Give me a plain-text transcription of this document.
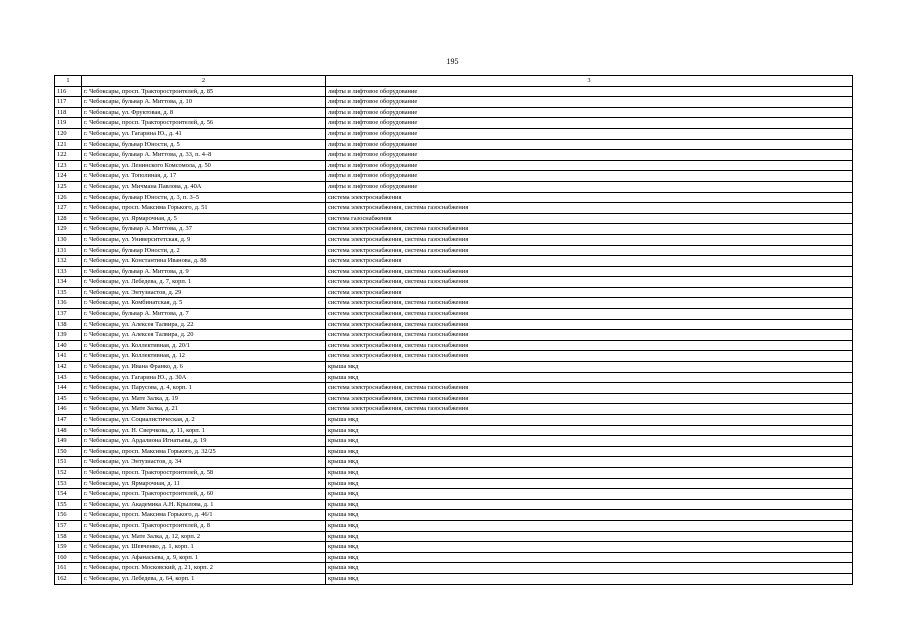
195
1	2	3
116	г. Чебоксары, просп. Тракторостроителей, д. 85	лифты и лифтовое оборудование
117	г. Чебоксары, бульвар А. Миттова, д. 10	лифты и лифтовое оборудование
118	г. Чебоксары, ул. Фруктовая, д. 8	лифты и лифтовое оборудование
119	г. Чебоксары, просп. Тракторостроителей, д. 56	лифты и лифтовое оборудование
120	г. Чебоксары, ул. Гагарина Ю., д. 41	лифты и лифтовое оборудование
121	г. Чебоксары, бульвар Юности, д. 5	лифты и лифтовое оборудование
122	г. Чебоксары, бульвар А. Миттова, д. 33, п. 4–8	лифты и лифтовое оборудование
123	г. Чебоксары, ул. Ленинского Комсомола, д. 50	лифты и лифтовое оборудование
124	г. Чебоксары, ул. Тополиная, д. 17	лифты и лифтовое оборудование
125	г. Чебоксары, ул. Мичмана Павлова, д. 40А	лифты и лифтовое оборудование
126	г. Чебоксары, бульвар Юности, д. 3, п. 3–5	система электроснабжения
127	г. Чебоксары, просп. Максима Горького, д. 51	система электроснабжения, система газоснабжения
128	г. Чебоксары, ул. Ярмарочная, д. 5	система газоснабжения
129	г. Чебоксары, бульвар А. Миттова, д. 37	система электроснабжения, система газоснабжения
130	г. Чебоксары, ул. Университетская, д. 9	система электроснабжения, система газоснабжения
131	г. Чебоксары, бульвар Юности, д. 2	система электроснабжения, система газоснабжения
132	г. Чебоксары, ул. Константина Иванова, д. 88	система электроснабжения
133	г. Чебоксары, бульвар А. Миттова, д. 9	система электроснабжения, система газоснабжения
134	г. Чебоксары, ул. Лебедева, д. 7, корп. 1	система электроснабжения, система газоснабжения
135	г. Чебоксары, ул. Энтузиастов, д. 29	система электроснабжения
136	г. Чебоксары, ул. Комбинатская, д. 5	система электроснабжения, система газоснабжения
137	г. Чебоксары, бульвар А. Миттова, д. 7	система электроснабжения, система газоснабжения
138	г. Чебоксары, ул. Алексея Талвира, д. 22	система электроснабжения, система газоснабжения
139	г. Чебоксары, ул. Алексея Талвира, д. 20	система электроснабжения, система газоснабжения
140	г. Чебоксары, ул. Коллективная, д. 20/1	система электроснабжения, система газоснабжения
141	г. Чебоксары, ул. Коллективная, д. 12	система электроснабжения, система газоснабжения
142	г. Чебоксары, ул. Ивана Франко, д. 6	крыша мкд
143	г. Чебоксары, ул. Гагарина Ю., д. 30А	крыша мкд
144	г. Чебоксары, ул. Парусова, д. 4, корп. 1	система электроснабжения, система газоснабжения
145	г. Чебоксары, ул. Мате Залка, д. 19	система электроснабжения, система газоснабжения
146	г. Чебоксары, ул. Мате Залка, д. 21	система электроснабжения, система газоснабжения
147	г. Чебоксары, ул. Социалистическая, д. 2	крыша мкд
148	г. Чебоксары, ул. Н. Сверчкова, д. 11, корп. 1	крыша мкд
149	г. Чебоксары, ул. Ардалиона Игнатьева, д. 19	крыша мкд
150	г. Чебоксары, просп. Максима Горького, д. 32/25	крыша мкд
151	г. Чебоксары, ул. Энтузиастов, д. 34	крыша мкд
152	г. Чебоксары, просп. Тракторостроителей, д. 58	крыша мкд
153	г. Чебоксары, ул. Ярмарочная, д. 11	крыша мкд
154	г. Чебоксары, просп. Тракторостроителей, д. 60	крыша мкд
155	г. Чебоксары, ул. Академика А.Н. Крылова, д. 1	крыша мкд
156	г. Чебоксары, просп. Максима Горького, д. 46/1	крыша мкд
157	г. Чебоксары, просп. Тракторостроителей, д. 8	крыша мкд
158	г. Чебоксары, ул. Мате Залка, д. 12, корп. 2	крыша мкд
159	г. Чебоксары, ул. Шевченко, д. 1, корп. 1	крыша мкд
160	г. Чебоксары, ул. Афанасьева, д. 9, корп. 1	крыша мкд
161	г. Чебоксары, просп. Московский, д. 21, корп. 2	крыша мкд
162	г. Чебоксары, ул. Лебедева, д. 64, корп. 1	крыша мкд
